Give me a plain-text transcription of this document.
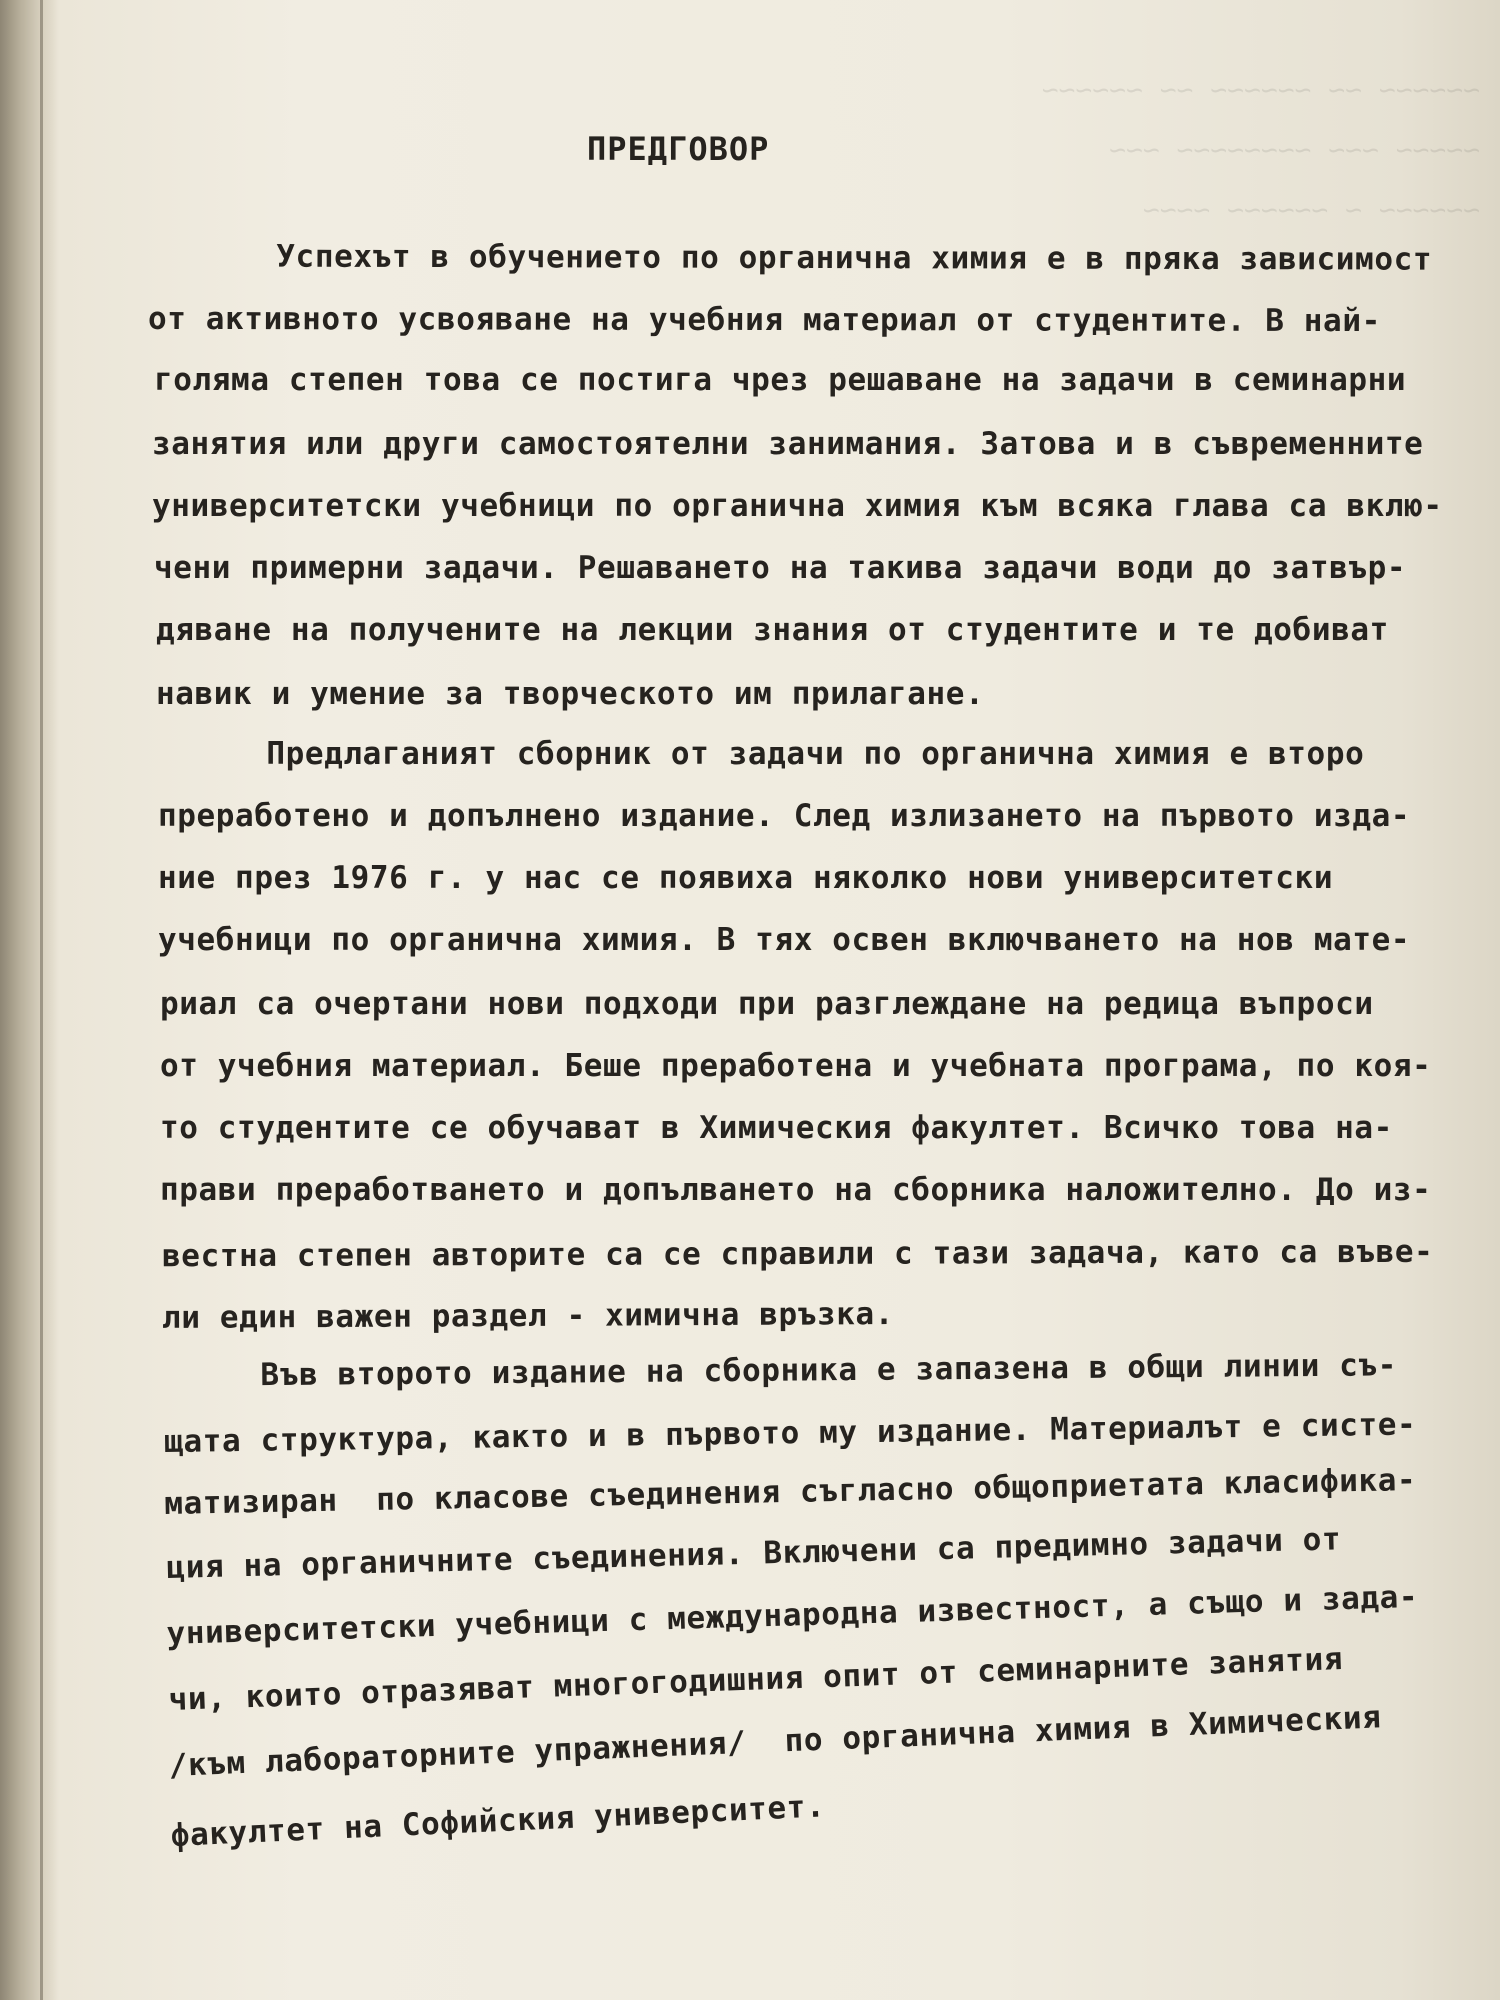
~~~~~~ ~~ ~~~~~~ ~~ ~~~~~~
~~~~~ ~~~ ~~~~~~~~ ~~~
~~~~~~ ~ ~~~~~~ ~~~~
ПРЕДГОВОР
Успехът в обучението по органична химия е в пряка зависимост
от активното усвояване на учебния материал от студентите. В най-
голяма степен това се постига чрез решаване на задачи в семинарни
занятия или други самостоятелни занимания. Затова и в съвременните
университетски учебници по органична химия към всяка глава са вклю-
чени примерни задачи. Решаването на такива задачи води до затвър-
дяване на получените на лекции знания от студентите и те добиват
навик и умение за творческото им прилагане.
Предлаганият сборник от задачи по органична химия е второ
преработено и допълнено издание. След излизането на първото изда-
ние през 1976 г. у нас се появиха няколко нови университетски
учебници по органична химия. В тях освен включването на нов мате-
риал са очертани нови подходи при разглеждане на редица въпроси
от учебния материал. Беше преработена и учебната програма, по коя-
то студентите се обучават в Химическия факултет. Всичко това на-
прави преработването и допълването на сборника наложително. До из-
вестна степен авторите са се справили с тази задача, като са въве-
ли един важен раздел - химична връзка.
Във второто издание на сборника е запазена в общи линии съ-
щата структура, както и в първото му издание. Материалът е систе-
матизиран  по класове съединения съгласно общоприетата класифика-
ция на органичните съединения. Включени са предимно задачи от
университетски учебници с международна известност, а също и зада-
чи, които отразяват многогодишния опит от семинарните занятия
/към лабораторните упражнения/  по органична химия в Химическия
факултет на Софийския университет.
